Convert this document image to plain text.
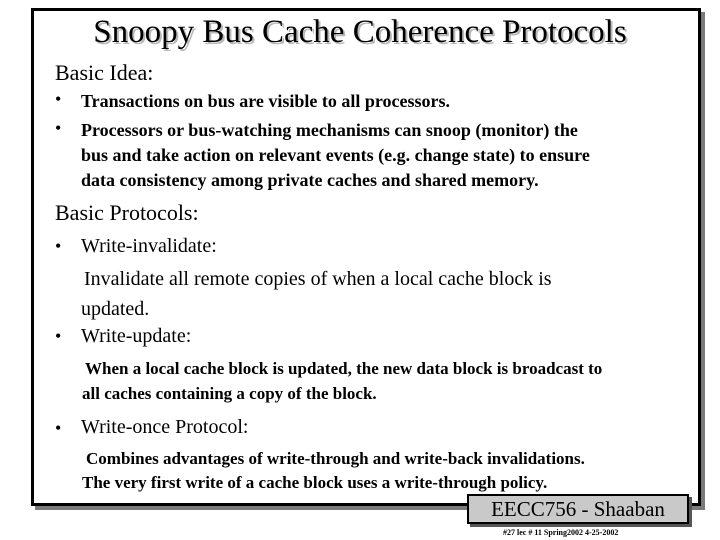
Snoopy Bus Cache Coherence Protocols
Basic Idea:
• Transactions on bus are visible to all processors.
• Processors or bus-watching mechanisms can snoop (monitor) the
bus and take action on relevant events (e.g. change state) to ensure
data consistency among private caches and shared memory.
Basic Protocols:
• Write-invalidate:
Invalidate all remote copies of when a local cache block is
updated.
• Write-update:
When a local cache block is updated, the new data block is broadcast to
all caches containing a copy of the block.
• Write-once Protocol:
Combines advantages of write-through and write-back invalidations.
The very first write of a cache block uses a write-through policy.
EECC756 - Shaaban
#27 lec # 11 Spring2002 4-25-2002
